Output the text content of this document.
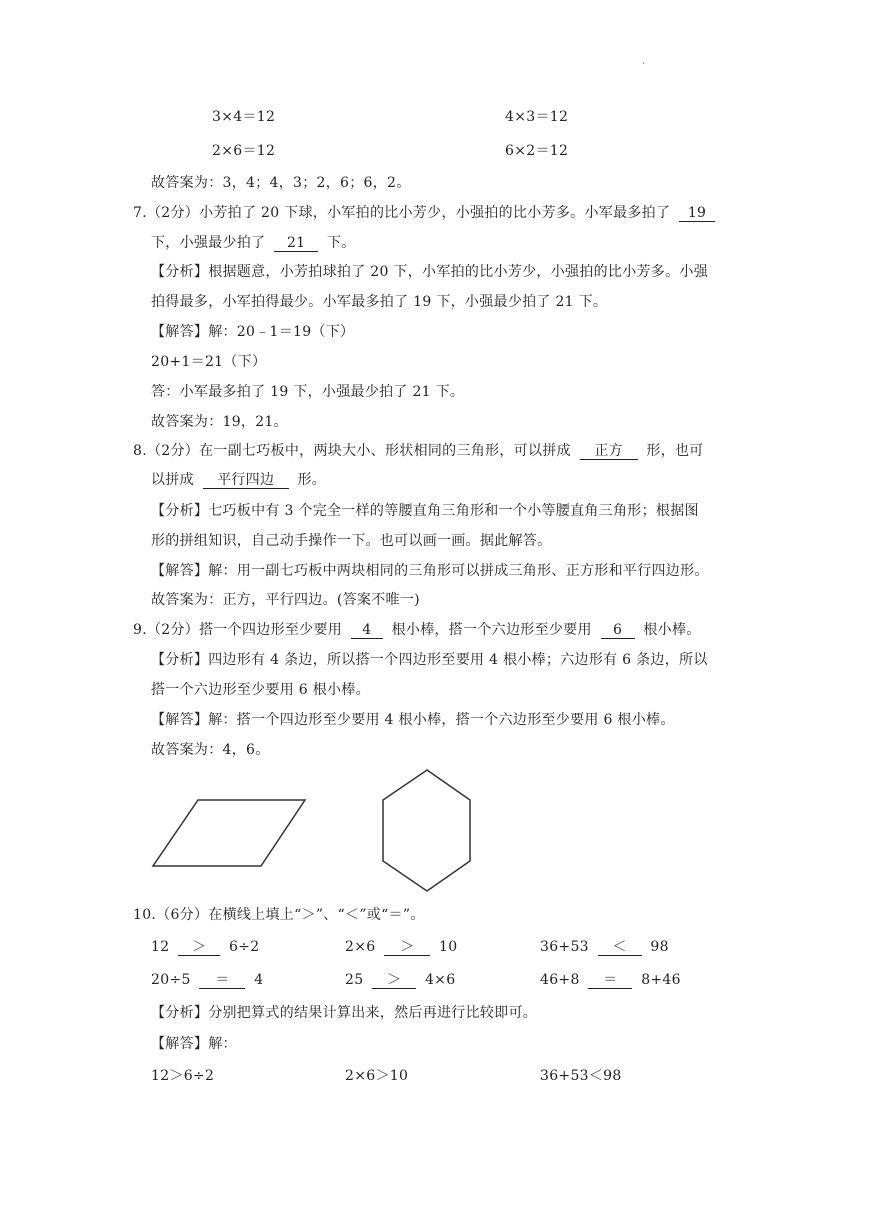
.
3×4＝12	4×3＝12
2×6＝12	6×2＝12
故答案为：3，4；4，3；2，6；6，2。
7.（2分）小芳拍了 20 下球，小军拍的比小芳少，小强拍的比小芳多。小军最多拍了 19
下，小强最少拍了 21 下。
【分析】根据题意，小芳拍球拍了 20 下，小军拍的比小芳少，小强拍的比小芳多。小强
拍得最多，小军拍得最少。小军最多拍了 19 下，小强最少拍了 21 下。
【解答】解：20﹣1＝19（下）
20+1＝21（下）
答：小军最多拍了 19 下，小强最少拍了 21 下。
故答案为：19，21。
8.（2分）在一副七巧板中，两块大小、形状相同的三角形，可以拼成 正方 形，也可
以拼成 平行四边 形。
【分析】七巧板中有 3 个完全一样的等腰直角三角形和一个小等腰直角三角形；根据图
形的拼组知识，自己动手操作一下。也可以画一画。据此解答。
【解答】解：用一副七巧板中两块相同的三角形可以拼成三角形、正方形和平行四边形。
故答案为：正方，平行四边。(答案不唯一)
9.（2分）搭一个四边形至少要用 4 根小棒，搭一个六边形至少要用 6 根小棒。
【分析】四边形有 4 条边，所以搭一个四边形至要用 4 根小棒；六边形有 6 条边，所以
搭一个六边形至少要用 6 根小棒。
【解答】解：搭一个四边形至少要用 4 根小棒，搭一个六边形至少要用 6 根小棒。
故答案为：4，6。
10.（6分）在横线上填上“＞”、“＜”或“＝”。
12 ＞ 6÷2	2×6 ＞ 10	36+53 ＜ 98
20÷5 ＝ 4	25 ＞ 4×6	46+8 ＝ 8+46
【分析】分别把算式的结果计算出来，然后再进行比较即可。
【解答】解：
12＞6÷2	2×6＞10	36+53＜98
